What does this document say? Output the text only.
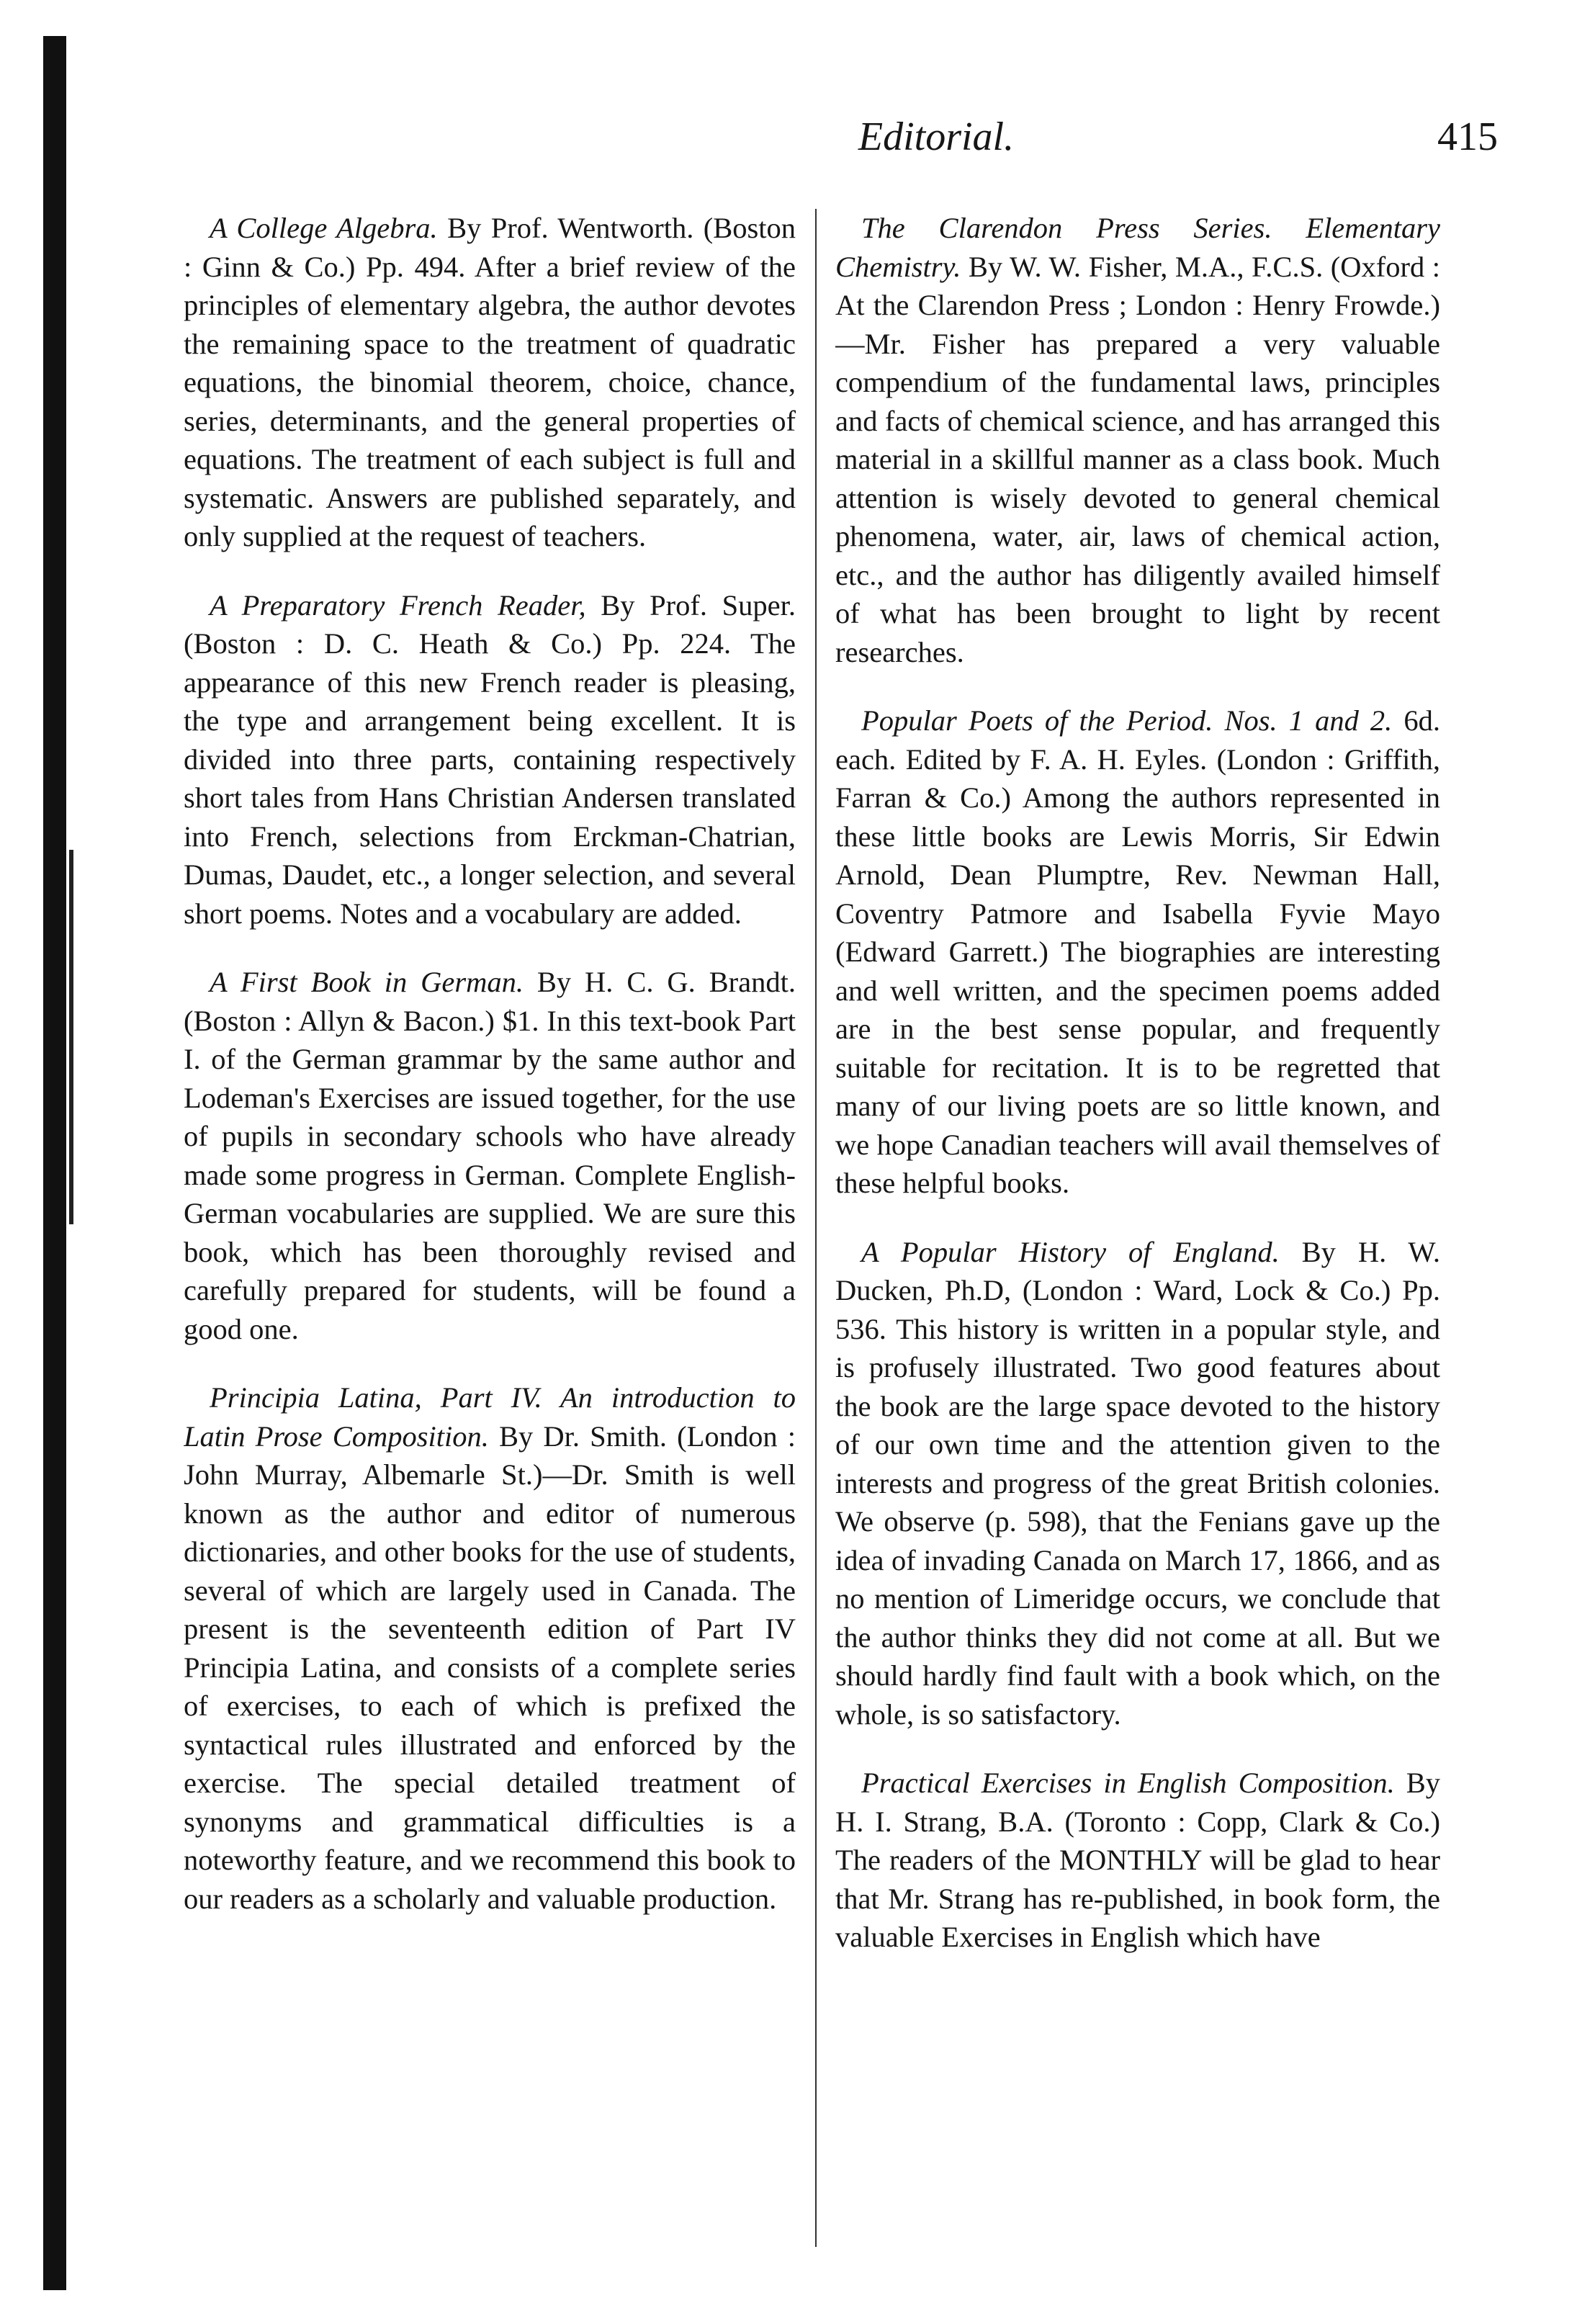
Editorial.	415

A College Algebra. By Prof. Wentworth. (Boston : Ginn & Co.) Pp. 494. After a brief review of the principles of elementary algebra, the author devotes the remaining space to the treatment of quadratic equations, the binomial theorem, choice, chance, series, determinants, and the general properties of equations. The treatment of each subject is full and systematic. Answers are published separately, and only supplied at the request of teachers.

A Preparatory French Reader, By Prof. Super. (Boston : D. C. Heath & Co.) Pp. 224. The appearance of this new French reader is pleasing, the type and arrangement being excellent. It is divided into three parts, containing respectively short tales from Hans Christian Andersen translated into French, selections from Erckman-Chatrian, Dumas, Daudet, etc., a longer selection, and several short poems. Notes and a vocabulary are added.

A First Book in German. By H. C. G. Brandt. (Boston : Allyn & Bacon.) $1. In this text-book Part I. of the German grammar by the same author and Lodeman's Exercises are issued together, for the use of pupils in secondary schools who have already made some progress in German. Complete English-German vocabularies are supplied. We are sure this book, which has been thoroughly revised and carefully prepared for students, will be found a good one.

Principia Latina, Part IV. An introduction to Latin Prose Composition. By Dr. Smith. (London : John Murray, Albemarle St.)—Dr. Smith is well known as the author and editor of numerous dictionaries, and other books for the use of students, several of which are largely used in Canada. The present is the seventeenth edition of Part IV Principia Latina, and consists of a complete series of exercises, to each of which is prefixed the syntactical rules illustrated and enforced by the exercise. The special detailed treatment of synonyms and grammatical difficulties is a noteworthy feature, and we recommend this book to our readers as a scholarly and valuable production.

The Clarendon Press Series. Elementary Chemistry. By W. W. Fisher, M.A., F.C.S. (Oxford : At the Clarendon Press ; London : Henry Frowde.)—Mr. Fisher has prepared a very valuable compendium of the fundamental laws, principles and facts of chemical science, and has arranged this material in a skillful manner as a class book. Much attention is wisely devoted to general chemical phenomena, water, air, laws of chemical action, etc., and the author has diligently availed himself of what has been brought to light by recent researches.

Popular Poets of the Period. Nos. 1 and 2. 6d. each. Edited by F. A. H. Eyles. (London : Griffith, Farran & Co.) Among the authors represented in these little books are Lewis Morris, Sir Edwin Arnold, Dean Plumptre, Rev. Newman Hall, Coventry Patmore and Isabella Fyvie Mayo (Edward Garrett.) The biographies are interesting and well written, and the specimen poems added are in the best sense popular, and frequently suitable for recitation. It is to be regretted that many of our living poets are so little known, and we hope Canadian teachers will avail themselves of these helpful books.

A Popular History of England. By H. W. Ducken, Ph.D, (London : Ward, Lock & Co.) Pp. 536. This history is written in a popular style, and is profusely illustrated. Two good features about the book are the large space devoted to the history of our own time and the attention given to the interests and progress of the great British colonies. We observe (p. 598), that the Fenians gave up the idea of invading Canada on March 17, 1866, and as no mention of Limeridge occurs, we conclude that the author thinks they did not come at all. But we should hardly find fault with a book which, on the whole, is so satisfactory.

Practical Exercises in English Composition. By H. I. Strang, B.A. (Toronto : Copp, Clark & Co.) The readers of the MONTHLY will be glad to hear that Mr. Strang has re-published, in book form, the valuable Exercises in English which have
